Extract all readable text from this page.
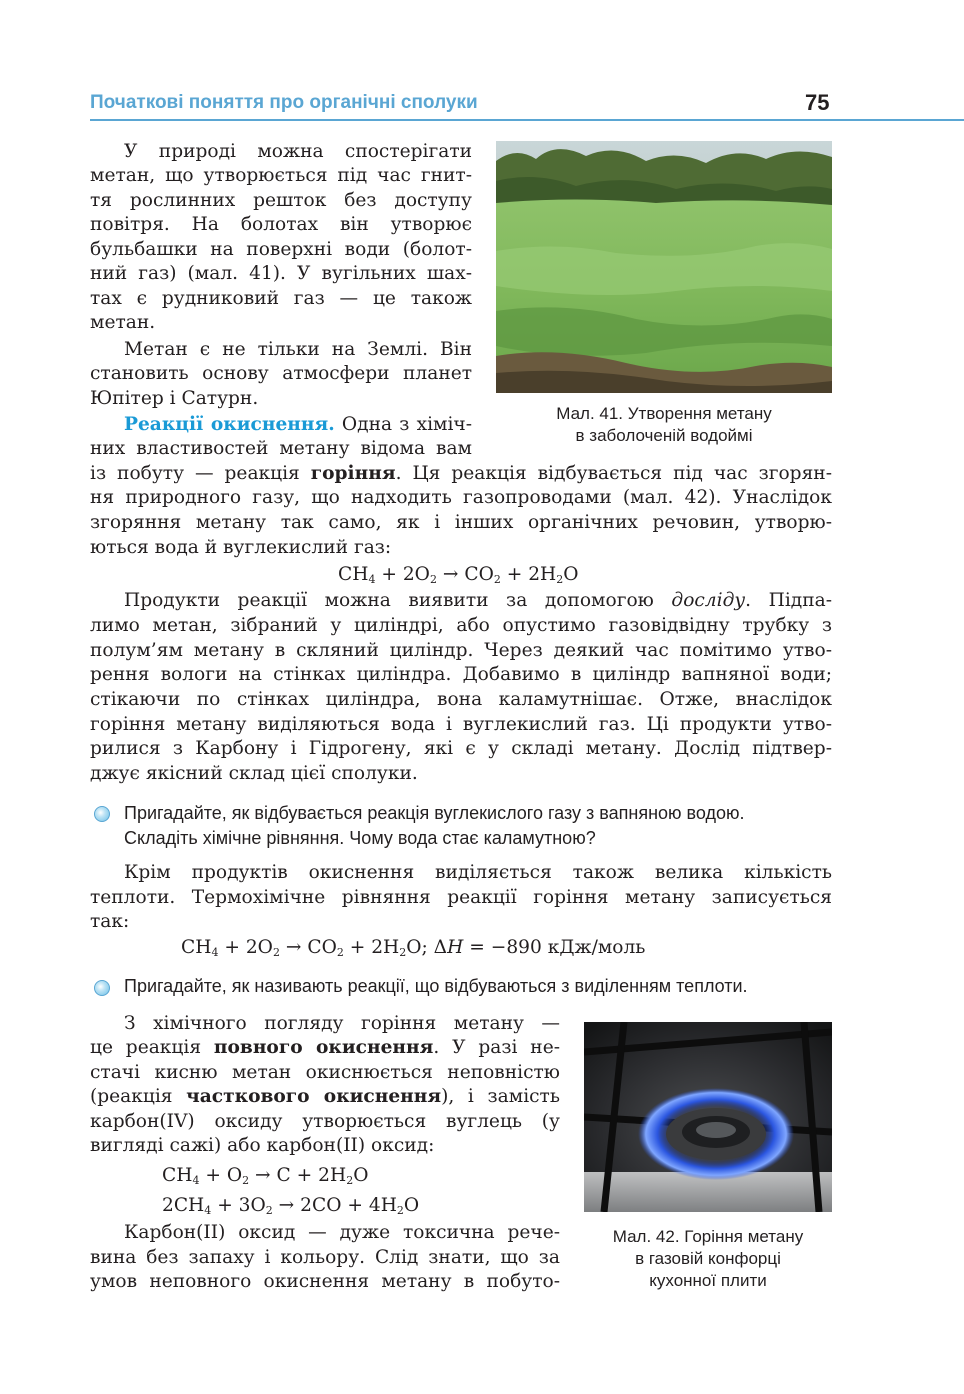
Початкові поняття про органічні сполуки	75
Мал. 41. Утворення метану
в заболоченій водоймі
У природі можна спостерігати
метан, що утворюється під час гнит-
тя рослинних решток без доступу
повітря. На болотах він утворює
бульбашки на поверхні води (болот-
ний газ) (мал. 41). У вугільних шах-
тах є рудниковий газ — це також
метан.
Метан є не тільки на Землі. Він
становить основу атмосфери планет
Юпітер і Сатурн.
Реакції окиснення. Одна з хіміч-
них властивостей метану відома вам
із побуту — реакція горіння. Ця реакція відбувається під час згорян-
ня природного газу, що надходить газопроводами (мал. 42). Унаслідок
згоряння метану так само, як і інших органічних речовин, утворю-
ються вода й вуглекислий газ:
$CH_4 + 2O_2 \to CO_2 + 2H_2O$
Продукти реакції можна виявити за допомогою досліду. Підпа-
лимо метан, зібраний у циліндрі, або опустимо газовідвідну трубку з
полум’ям метану в скляний циліндр. Через деякий час помітимо утво-
рення вологи на стінках циліндра. Добавимо в циліндр вапняної води;
стікаючи по стінках циліндра, вона каламутнішає. Отже, внаслідок
горіння метану виділяються вода і вуглекислий газ. Ці продукти утво-
рилися з Карбону і Гідрогену, які є у складі метану. Дослід підтвер-
джує якісний склад цієї сполуки.
Пригадайте, як відбувається реакція вуглекислого газу з вапняною водою.
Складіть хімічне рівняння. Чому вода стає каламутною?
Крім продуктів окиснення виділяється також велика кількість
теплоти. Термохімічне рівняння реакції горіння метану записується
так:
$CH_4 + 2O_2 \to CO_2 + 2H_2O$; ΔH = −890 кДж/моль
Пригадайте, як називають реакції, що відбуваються з виділенням теплоти.
Мал. 42. Горіння метану
в газовій конфорці
кухонної плити
З хімічного погляду горіння метану —
це реакція повного окиснення. У разі не-
стачі кисню метан окиснюється неповністю
(реакція часткового окиснення), і замість
карбон(IV) оксиду утворюється вуглець (у
вигляді сажі) або карбон(II) оксид:
$CH_4 + O_2 \to C + 2H_2O$
$2CH_4 + 3O_2 \to 2CO + 4H_2O$
Карбон(II) оксид — дуже токсична рече-
вина без запаху і кольору. Слід знати, що за
умов неповного окиснення метану в побуто-
